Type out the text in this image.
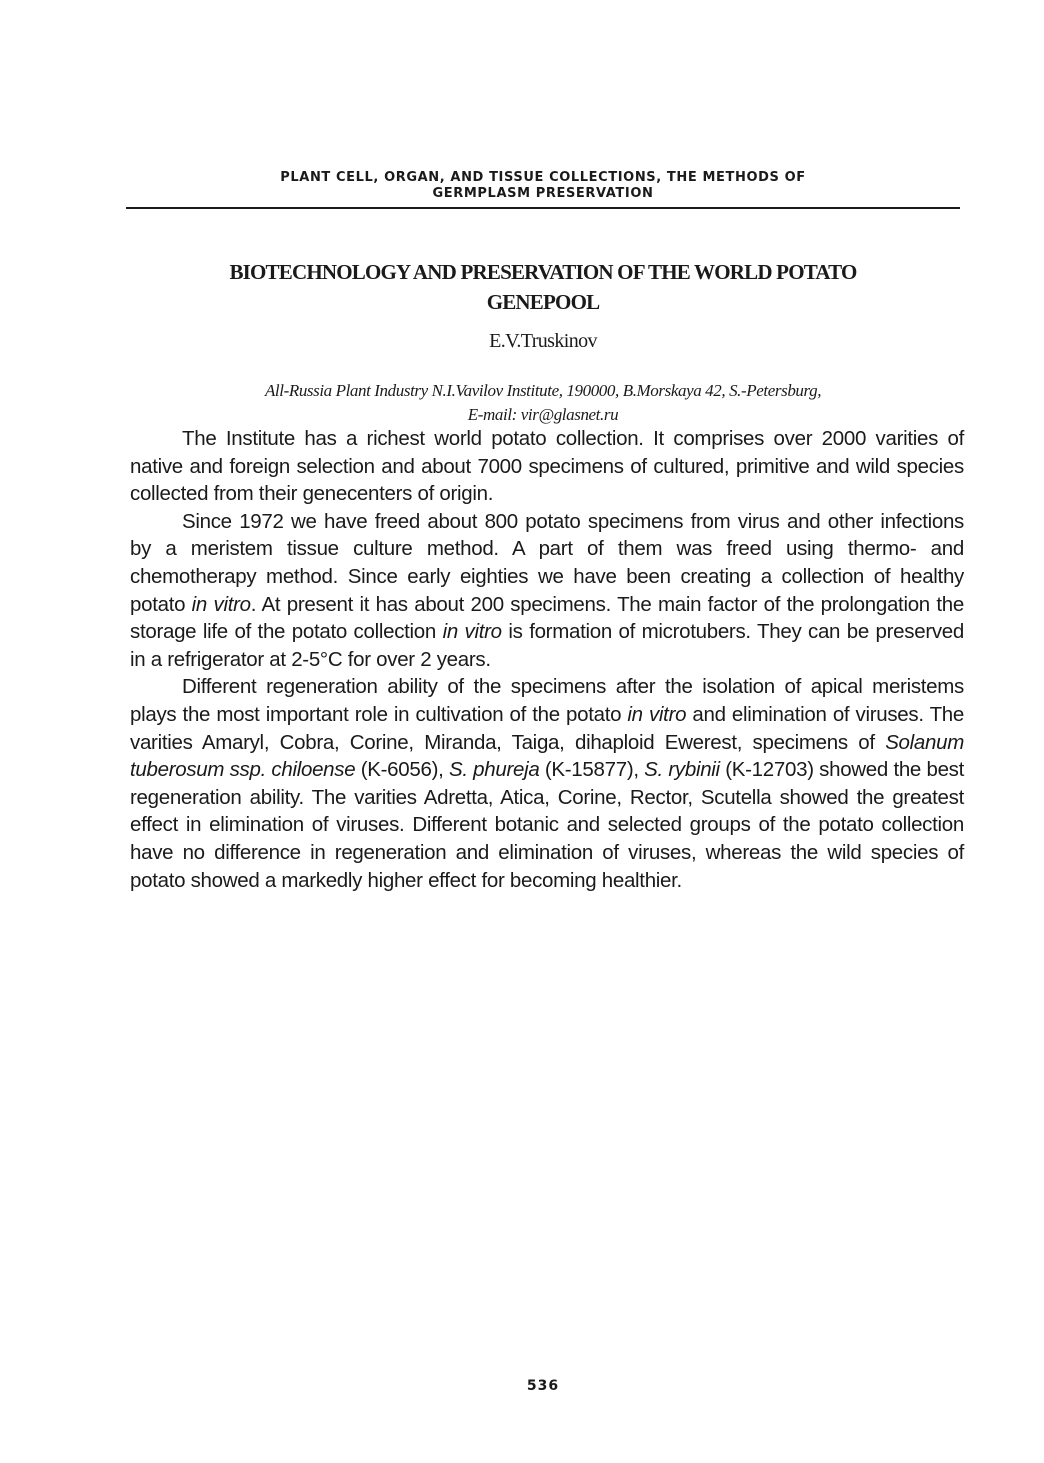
PLANT CELL, ORGAN, AND TISSUE COLLECTIONS, THE METHODS OF
GERMPLASM PRESERVATION
BIOTECHNOLOGY AND PRESERVATION OF THE WORLD POTATO
GENEPOOL
E.V.Truskinov
All-Russia Plant Industry N.I.Vavilov Institute, 190000, B.Morskaya 42, S.-Petersburg,
E-mail: vir@glasnet.ru

The Institute has a richest world potato collection. It comprises over 2000 varities of native and foreign selection and about 7000 specimens of cultured, primitive and wild species collected from their genecenters of origin.

Since 1972 we have freed about 800 potato specimens from virus and other infections by a meristem tissue culture method. A part of them was freed using thermo- and chemotherapy method. Since early eighties we have been creating a collection of healthy potato in vitro. At present it has about 200 specimens. The main factor of the prolongation the storage life of the potato collection in vitro is formation of microtubers. They can be preserved in a refrigerator at 2-5°C for over 2 years.

Different regeneration ability of the specimens after the isolation of apical meristems plays the most important role in cultivation of the potato in vitro and elimination of viruses. The varities Amaryl, Cobra, Corine, Miranda, Taiga, dihaploid Ewerest, specimens of Solanum tuberosum ssp. chiloense (K-6056), S. phureja (K-15877), S. rybinii (K-12703) showed the best regeneration ability. The varities Adretta, Atica, Corine, Rector, Scutella showed the greatest effect in elimination of viruses. Different botanic and selected groups of the potato collection have no difference in regeneration and elimination of viruses, whereas the wild species of potato showed a markedly higher effect for becoming healthier.

536
